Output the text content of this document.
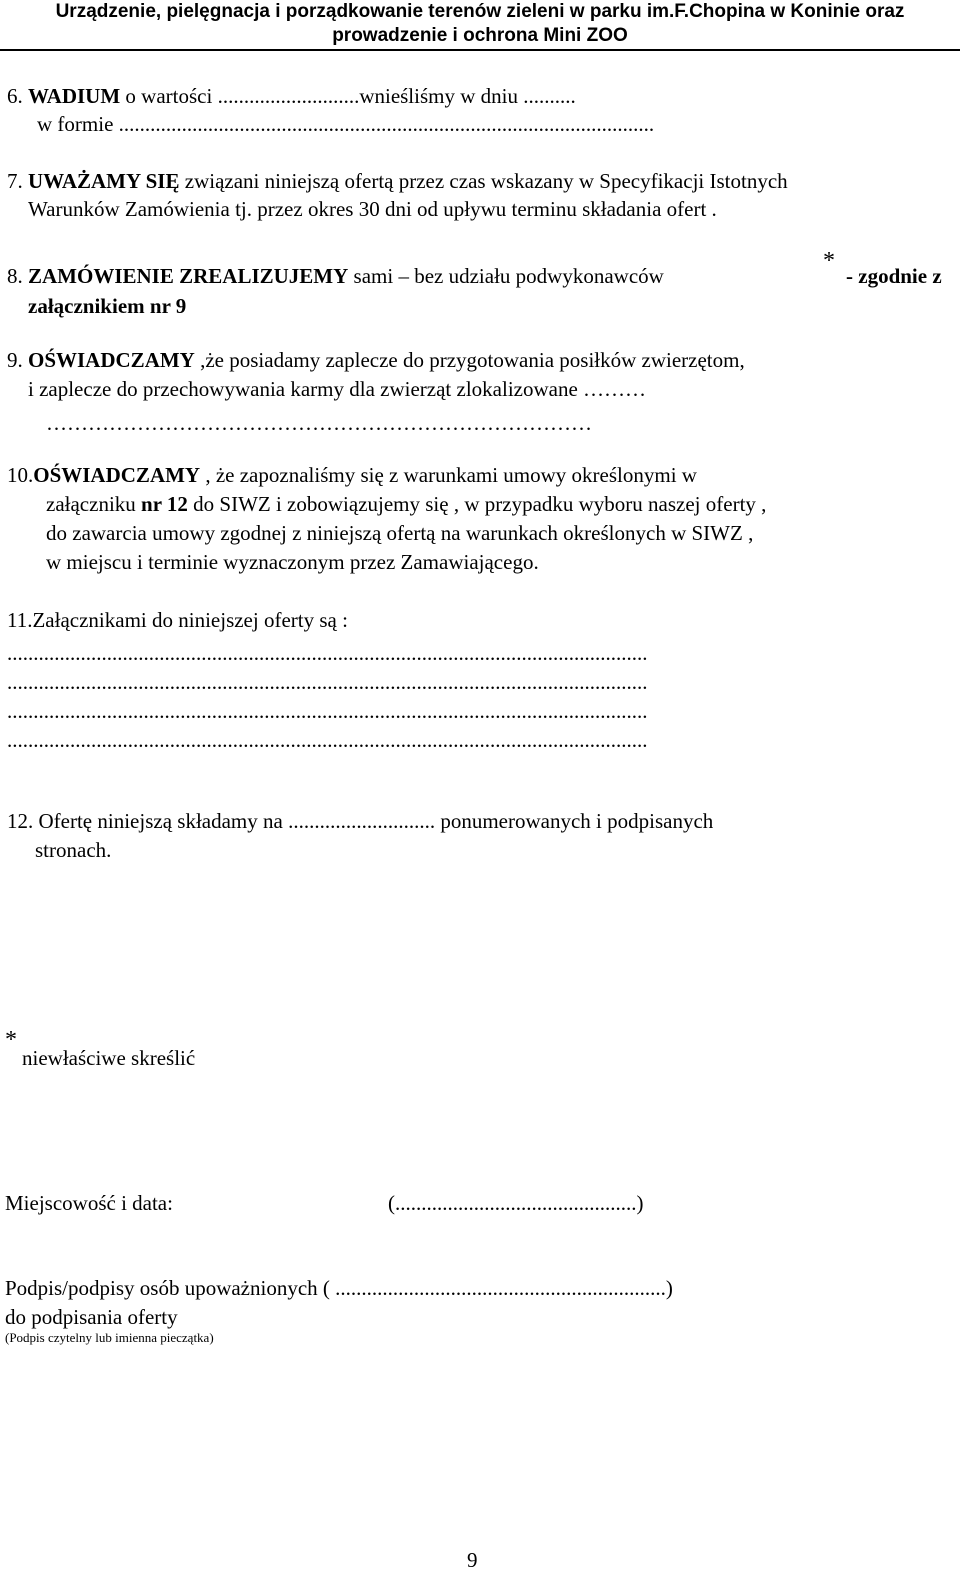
Urządzenie, pielęgnacja i porządkowanie terenów zieleni w parku im.F.Chopina w Koninie oraz
prowadzenie i ochrona Mini ZOO
6. WADIUM o wartości ...........................wnieśliśmy w dniu ..........
w formie ......................................................................................................
7. UWAŻAMY SIĘ związani niniejszą ofertą przez czas wskazany w Specyfikacji Istotnych
Warunków Zamówienia tj. przez okres 30 dni od upływu terminu składania ofert .
8. ZAMÓWIENIE ZREALIZUJEMY sami – bez udziału podwykonawców
*
- zgodnie z
załącznikiem nr 9
9. OŚWIADCZAMY ,że posiadamy zaplecze do przygotowania posiłków zwierzętom,
i zaplecze do przechowywania karmy dla zwierząt zlokalizowane ………
……………………………………………………………………
10.OŚWIADCZAMY , że zapoznaliśmy się z warunkami umowy określonymi w
załączniku nr 12 do SIWZ i zobowiązujemy się , w przypadku wyboru naszej oferty ,
do zawarcia umowy zgodnej z niniejszą ofertą na warunkach określonych w SIWZ ,
w miejscu i terminie wyznaczonym przez Zamawiającego.
11.Załącznikami do niniejszej oferty są :
..........................................................................................................................
..........................................................................................................................
..........................................................................................................................
..........................................................................................................................
12. Ofertę niniejszą składamy na ............................ ponumerowanych i podpisanych
stronach.
*
niewłaściwe skreślić
Miejscowość i data:	(..............................................)
Podpis/podpisy osób upoważnionych ( ...............................................................)
do podpisania oferty
(Podpis czytelny lub imienna pieczątka)
9
